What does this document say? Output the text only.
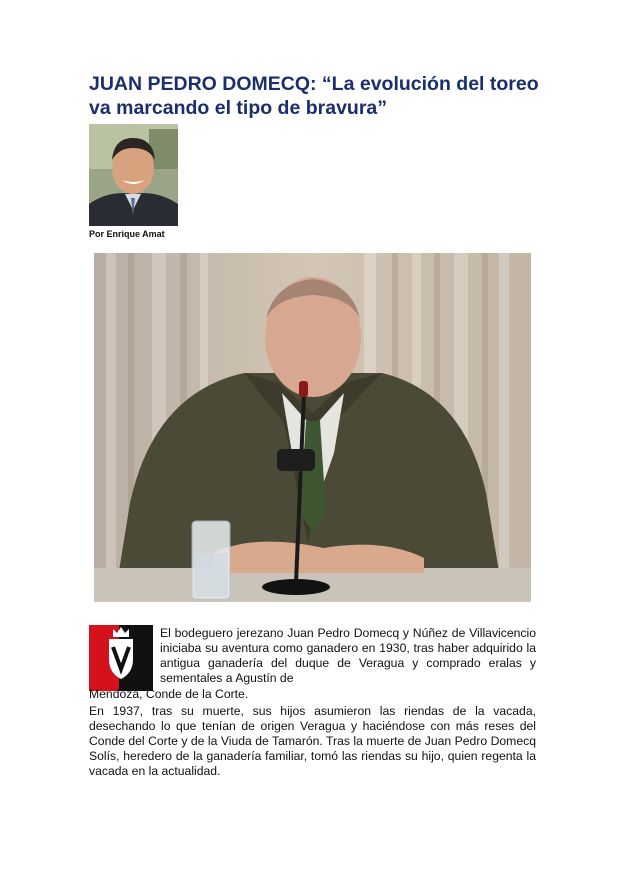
JUAN PEDRO DOMECQ: “La evolución del toreo va marcando el tipo de bravura”
Por Enrique Amat

El bodeguero jerezano Juan Pedro Domecq y Núñez de Villavicencio iniciaba su aventura como ganadero en 1930, tras haber adquirido la antigua ganadería del duque de Veragua y comprado eralas y sementales a Agustín de

Mendoza, Conde de la Corte.

En 1937, tras su muerte, sus hijos asumieron las riendas de la vacada, desechando lo que tenían de origen Veragua y haciéndose con más reses del Conde del Corte y de la Viuda de Tamarón. Tras la muerte de Juan Pedro Domecq Solís, heredero de la ganadería familiar, tomó las riendas su hijo, quien regenta la vacada en la actualidad.
